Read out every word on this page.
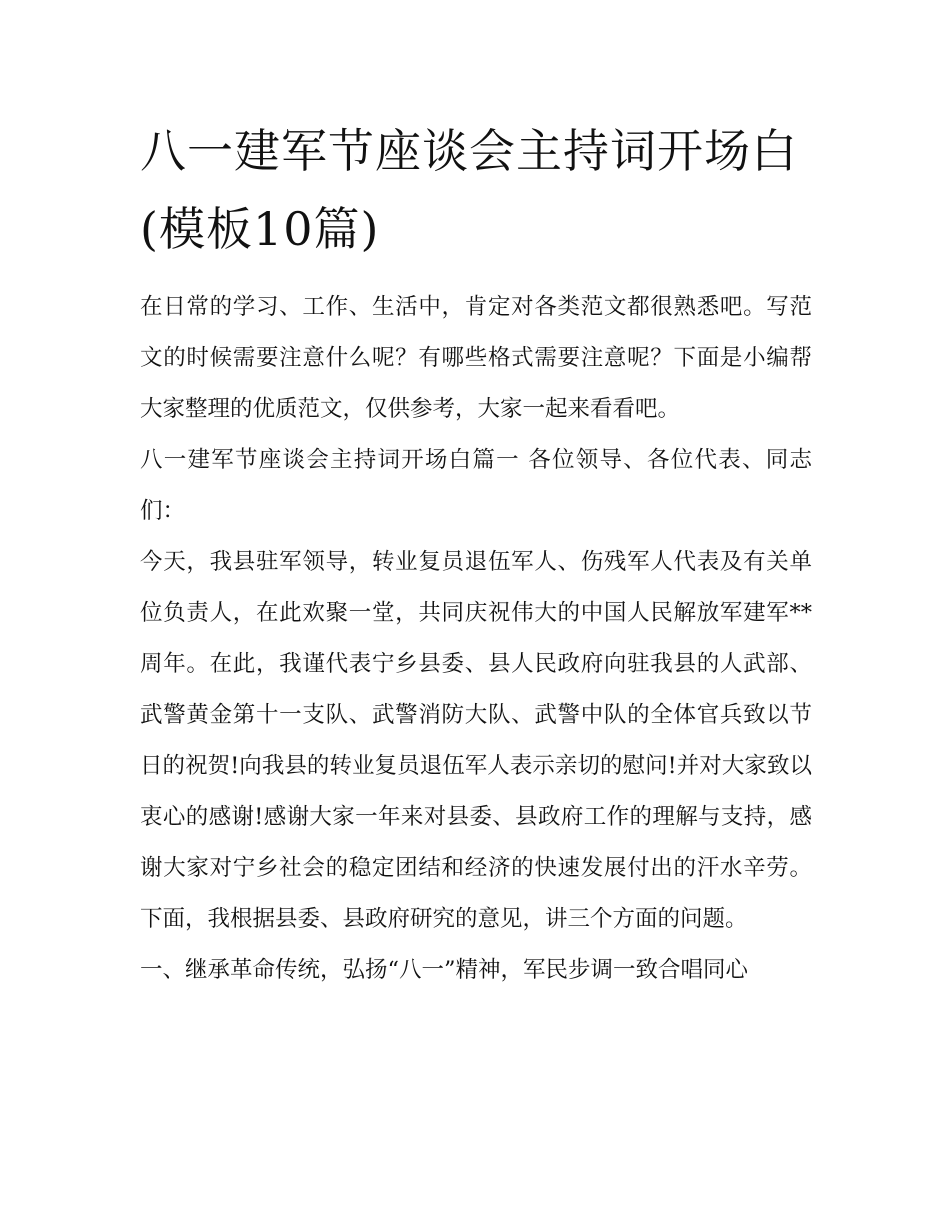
八一建军节座谈会主持词开场白(模板10篇)

在日常的学习、工作、生活中，肯定对各类范文都很熟悉吧。写范文的时候需要注意什么呢？有哪些格式需要注意呢？下面是小编帮大家整理的优质范文，仅供参考，大家一起来看看吧。

八一建军节座谈会主持词开场白篇一 各位领导、各位代表、同志们：

今天，我县驻军领导，转业复员退伍军人、伤残军人代表及有关单位负责人，在此欢聚一堂，共同庆祝伟大的中国人民解放军建军**周年。在此，我谨代表宁乡县委、县人民政府向驻我县的人武部、武警黄金第十一支队、武警消防大队、武警中队的全体官兵致以节日的祝贺!向我县的转业复员退伍军人表示亲切的慰问!并对大家致以衷心的感谢!感谢大家一年来对县委、县政府工作的理解与支持，感谢大家对宁乡社会的稳定团结和经济的快速发展付出的汗水辛劳。下面，我根据县委、县政府研究的意见，讲三个方面的问题。

一、继承革命传统，弘扬“八一”精神，军民步调一致合唱同心
